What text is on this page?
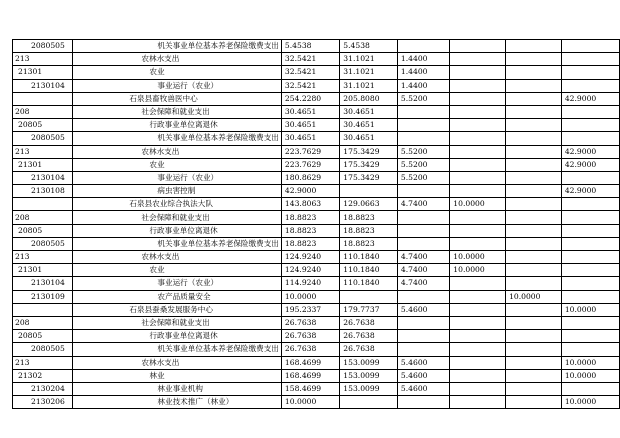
2080505	机关事业单位基本养老保险缴费支出	5.4538	5.4538				
213	农林水支出	32.5421	31.1021	1.4400			
21301	农业	32.5421	31.1021	1.4400			
2130104	事业运行（农业）	32.5421	31.1021	1.4400			
	石泉县畜牧兽医中心	254.2280	205.8080	5.5200			42.9000
208	社会保障和就业支出	30.4651	30.4651				
20805	行政事业单位离退休	30.4651	30.4651				
2080505	机关事业单位基本养老保险缴费支出	30.4651	30.4651				
213	农林水支出	223.7629	175.3429	5.5200			42.9000
21301	农业	223.7629	175.3429	5.5200			42.9000
2130104	事业运行（农业）	180.8629	175.3429	5.5200			
2130108	病虫害控制	42.9000					42.9000
	石泉县农业综合执法大队	143.8063	129.0663	4.7400	10.0000		
208	社会保障和就业支出	18.8823	18.8823				
20805	行政事业单位离退休	18.8823	18.8823				
2080505	机关事业单位基本养老保险缴费支出	18.8823	18.8823				
213	农林水支出	124.9240	110.1840	4.7400	10.0000		
21301	农业	124.9240	110.1840	4.7400	10.0000		
2130104	事业运行（农业）	114.9240	110.1840	4.7400			
2130109	农产品质量安全	10.0000				10.0000	
	石泉县蚕桑发展服务中心	195.2337	179.7737	5.4600			10.0000
208	社会保障和就业支出	26.7638	26.7638				
20805	行政事业单位离退休	26.7638	26.7638				
2080505	机关事业单位基本养老保险缴费支出	26.7638	26.7638				
213	农林水支出	168.4699	153.0099	5.4600			10.0000
21302	林业	168.4699	153.0099	5.4600			10.0000
2130204	林业事业机构	158.4699	153.0099	5.4600			
2130206	林业技术推广（林业）	10.0000					10.0000
